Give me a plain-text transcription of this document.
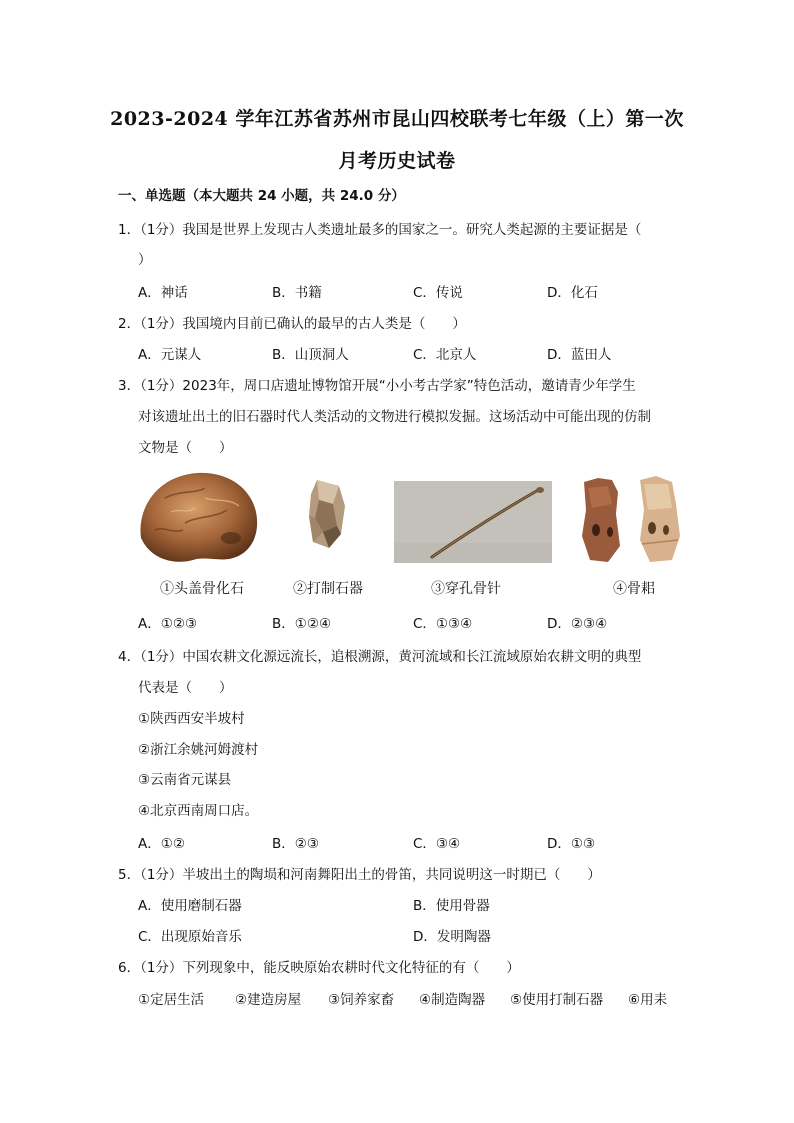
2023-2024 学年江苏省苏州市昆山四校联考七年级（上）第一次
月考历史试卷
一、单选题（本大题共 24 小题，共 24.0 分）
1．（1分）我国是世界上发现古人类遗址最多的国家之一。研究人类起源的主要证据是（
）
A．神话	B．书籍	C．传说	D．化石
2．（1分）我国境内目前已确认的最早的古人类是（　　）
A．元谋人	B．山顶洞人	C．北京人	D．蓝田人
3．（1分）2023年，周口店遗址博物馆开展“小小考古学家”特色活动，邀请青少年学生
对该遗址出土的旧石器时代人类活动的文物进行模拟发掘。这场活动中可能出现的仿制
文物是（　　）
①头盖骨化石	②打制石器	③穿孔骨针	④骨耜
A．①②③	B．①②④	C．①③④	D．②③④
4．（1分）中国农耕文化源远流长，追根溯源，黄河流域和长江流域原始农耕文明的典型
代表是（　　）
①陕西西安半坡村
②浙江余姚河姆渡村
③云南省元谋县
④北京西南周口店。
A．①②	B．②③	C．③④	D．①③
5．（1分）半坡出土的陶埙和河南舞阳出土的骨笛，共同说明这一时期已（　　）
A．使用磨制石器	B．使用骨器
C．出现原始音乐	D．发明陶器
6．（1分）下列现象中，能反映原始农耕时代文化特征的有（　　）
①定居生活 ②建造房屋 ③饲养家畜 ④制造陶器 ⑤使用打制石器 ⑥用耒
